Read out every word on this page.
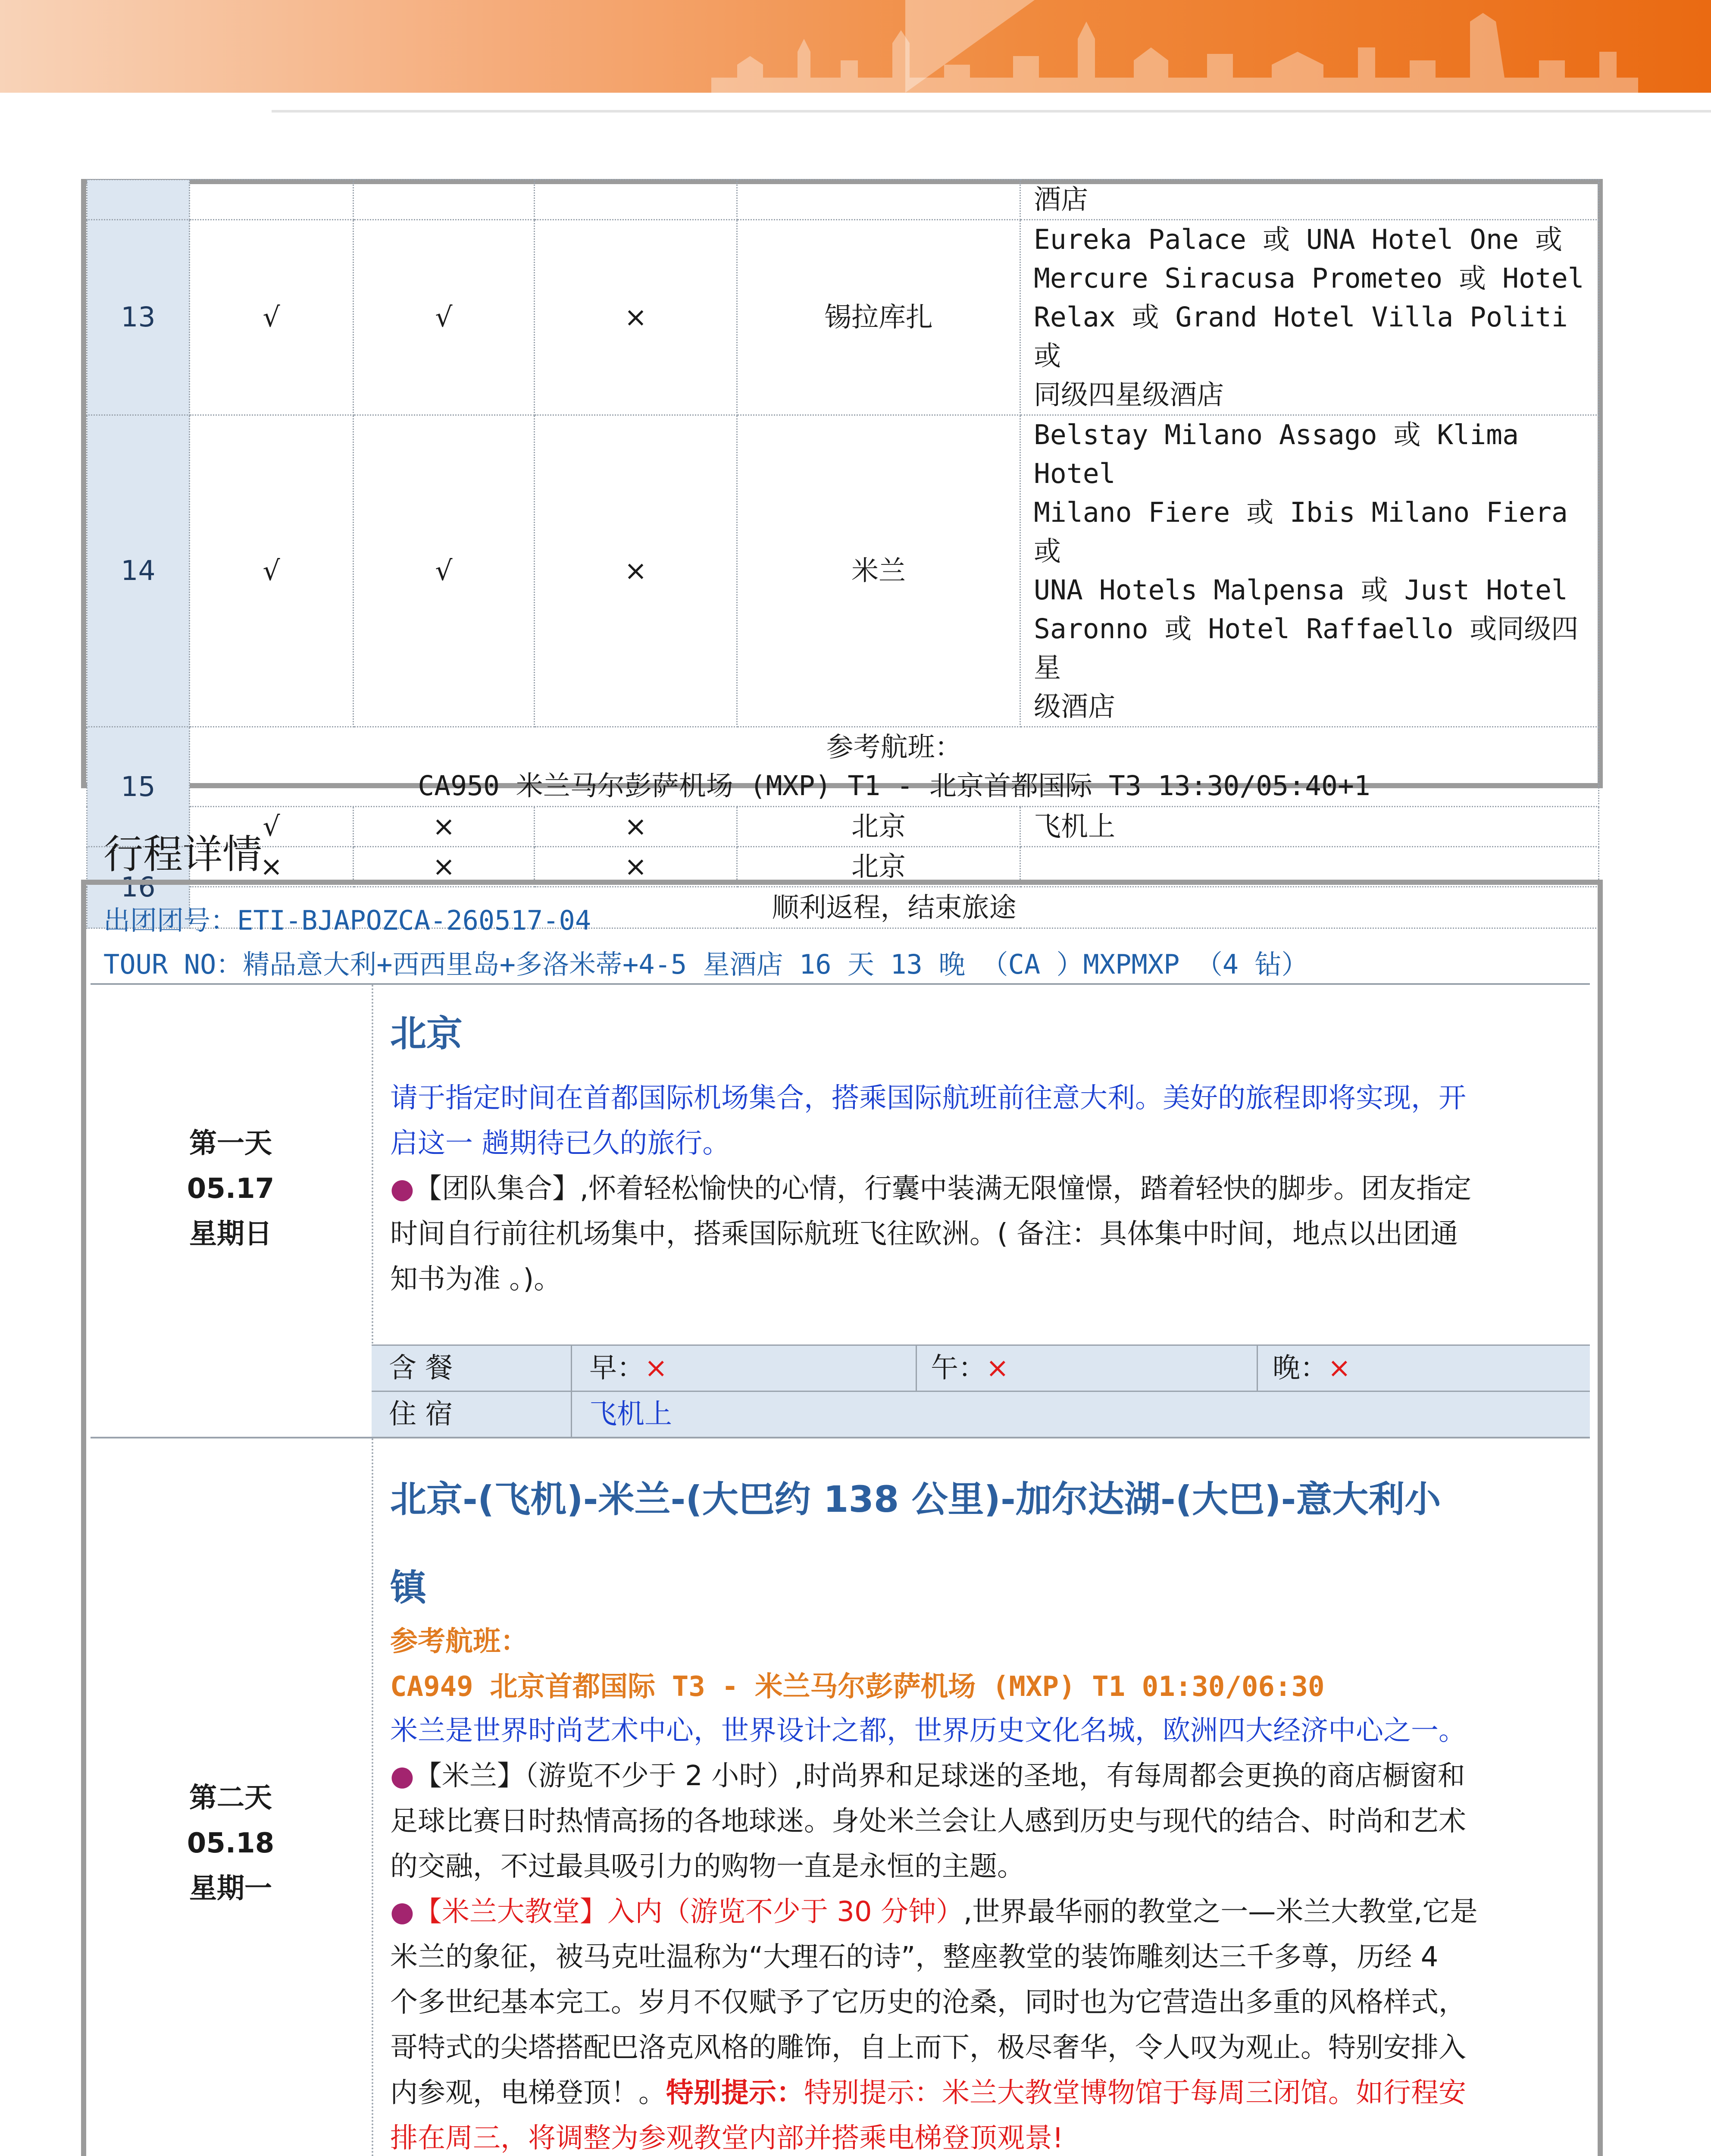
					酒店
13	√	√	×	锡拉库扎	Eureka Palace 或 UNA Hotel One 或
Mercure Siracusa Prometeo 或 Hotel
Relax 或 Grand Hotel Villa Politi 或
同级四星级酒店

14	√	√	×	米兰	Belstay Milano Assago 或 Klima Hotel
Milano Fiere 或 Ibis Milano Fiera 或
UNA Hotels Malpensa 或 Just Hotel
Saronno 或 Hotel Raffaello 或同级四星
级酒店

15	参考航班：
CA950 米兰马尔彭萨机场 (MXP) T1 - 北京首都国际 T3 13:30/05:40+1				

	√	×	×	北京	飞机上
16	×	×	×	北京	
	顺利返程，结束旅途				
行程详情
出团团号：ETI-BJAPOZCA-260517-04
TOUR NO：精品意大利+西西里岛+多洛米蒂+4-5 星酒店 16 天 13 晚 （CA ）MXPMXP （4 钻）
第一天
05.17
星期日
北京
请于指定时间在首都国际机场集合，搭乘国际航班前往意大利。美好的旅程即将实现，开
启这一 趟期待已久的旅行。
●【团队集合】,怀着轻松愉快的心情，行囊中装满无限憧憬，踏着轻快的脚步。团友指定
时间自行前往机场集中，搭乘国际航班飞往欧洲。( 备注：具体集中时间，地点以出团通
知书为准 。)。
含 餐	早：×	午：×	晚：×
住 宿	飞机上
第二天
05.18
星期一
北京-(飞机)-米兰-(大巴约 138 公里)-加尔达湖-(大巴)-意大利小
镇
参考航班：
CA949 北京首都国际 T3 - 米兰马尔彭萨机场 (MXP) T1 01:30/06:30
米兰是世界时尚艺术中心，世界设计之都，世界历史文化名城，欧洲四大经济中心之一。
●【米兰】（游览不少于 2 小时）,时尚界和足球迷的圣地，有每周都会更换的商店橱窗和
足球比赛日时热情高扬的各地球迷。身处米兰会让人感到历史与现代的结合、时尚和艺术
的交融，不过最具吸引力的购物一直是永恒的主题。
●【米兰大教堂】入内（游览不少于 30 分钟）,世界最华丽的教堂之一—米兰大教堂,它是
米兰的象征，被马克吐温称为“大理石的诗”，整座教堂的装饰雕刻达三千多尊，历经 4
个多世纪基本完工。岁月不仅赋予了它历史的沧桑，同时也为它营造出多重的风格样式，
哥特式的尖塔搭配巴洛克风格的雕饰，自上而下，极尽奢华，令人叹为观止。特别安排入
内参观，电梯登顶！。特别提示：特别提示：米兰大教堂博物馆于每周三闭馆。如行程安
排在周三，将调整为参观教堂内部并搭乘电梯登顶观景!
